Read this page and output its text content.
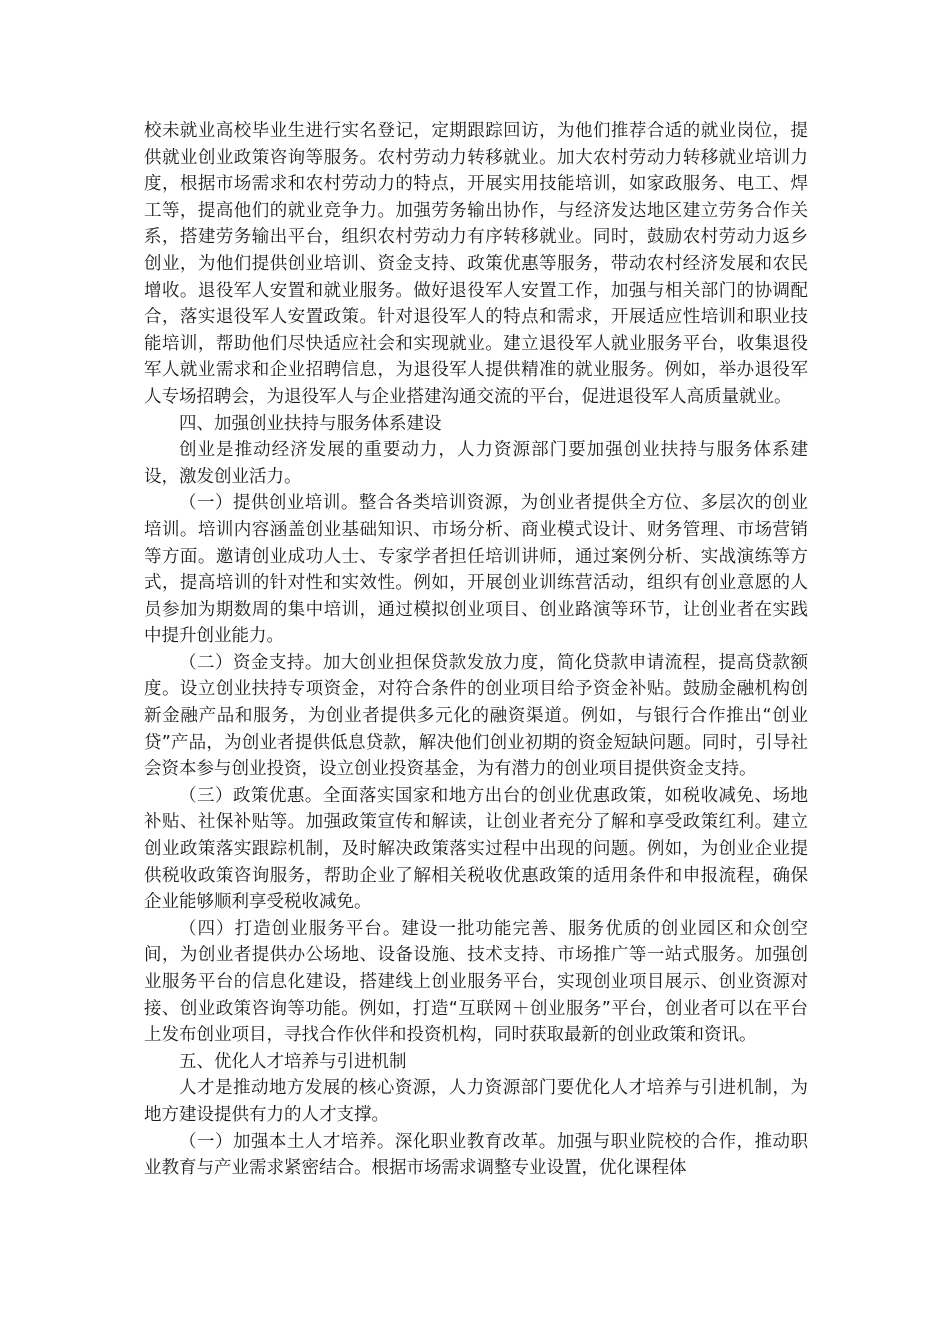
校未就业高校毕业生进行实名登记，定期跟踪回访，为他们推荐合适的就业岗位，提供就业创业政策咨询等服务。农村劳动力转移就业。加大农村劳动力转移就业培训力度，根据市场需求和农村劳动力的特点，开展实用技能培训，如家政服务、电工、焊工等，提高他们的就业竞争力。加强劳务输出协作，与经济发达地区建立劳务合作关系，搭建劳务输出平台，组织农村劳动力有序转移就业。同时，鼓励农村劳动力返乡创业，为他们提供创业培训、资金支持、政策优惠等服务，带动农村经济发展和农民增收。退役军人安置和就业服务。做好退役军人安置工作，加强与相关部门的协调配合，落实退役军人安置政策。针对退役军人的特点和需求，开展适应性培训和职业技能培训，帮助他们尽快适应社会和实现就业。建立退役军人就业服务平台，收集退役军人就业需求和企业招聘信息，为退役军人提供精准的就业服务。例如，举办退役军人专场招聘会，为退役军人与企业搭建沟通交流的平台，促进退役军人高质量就业。

四、加强创业扶持与服务体系建设

创业是推动经济发展的重要动力，人力资源部门要加强创业扶持与服务体系建设，激发创业活力。

（一）提供创业培训。整合各类培训资源，为创业者提供全方位、多层次的创业培训。培训内容涵盖创业基础知识、市场分析、商业模式设计、财务管理、市场营销等方面。邀请创业成功人士、专家学者担任培训讲师，通过案例分析、实战演练等方式，提高培训的针对性和实效性。例如，开展创业训练营活动，组织有创业意愿的人员参加为期数周的集中培训，通过模拟创业项目、创业路演等环节，让创业者在实践中提升创业能力。

（二）资金支持。加大创业担保贷款发放力度，简化贷款申请流程，提高贷款额度。设立创业扶持专项资金，对符合条件的创业项目给予资金补贴。鼓励金融机构创新金融产品和服务，为创业者提供多元化的融资渠道。例如，与银行合作推出“创业贷”产品，为创业者提供低息贷款，解决他们创业初期的资金短缺问题。同时，引导社会资本参与创业投资，设立创业投资基金，为有潜力的创业项目提供资金支持。

（三）政策优惠。全面落实国家和地方出台的创业优惠政策，如税收减免、场地补贴、社保补贴等。加强政策宣传和解读，让创业者充分了解和享受政策红利。建立创业政策落实跟踪机制，及时解决政策落实过程中出现的问题。例如，为创业企业提供税收政策咨询服务，帮助企业了解相关税收优惠政策的适用条件和申报流程，确保企业能够顺利享受税收减免。

（四）打造创业服务平台。建设一批功能完善、服务优质的创业园区和众创空间，为创业者提供办公场地、设备设施、技术支持、市场推广等一站式服务。加强创业服务平台的信息化建设，搭建线上创业服务平台，实现创业项目展示、创业资源对接、创业政策咨询等功能。例如，打造“互联网＋创业服务”平台，创业者可以在平台上发布创业项目，寻找合作伙伴和投资机构，同时获取最新的创业政策和资讯。

五、优化人才培养与引进机制

人才是推动地方发展的核心资源，人力资源部门要优化人才培养与引进机制，为地方建设提供有力的人才支撑。

（一）加强本土人才培养。深化职业教育改革。加强与职业院校的合作，推动职业教育与产业需求紧密结合。根据市场需求调整专业设置，优化课程体
